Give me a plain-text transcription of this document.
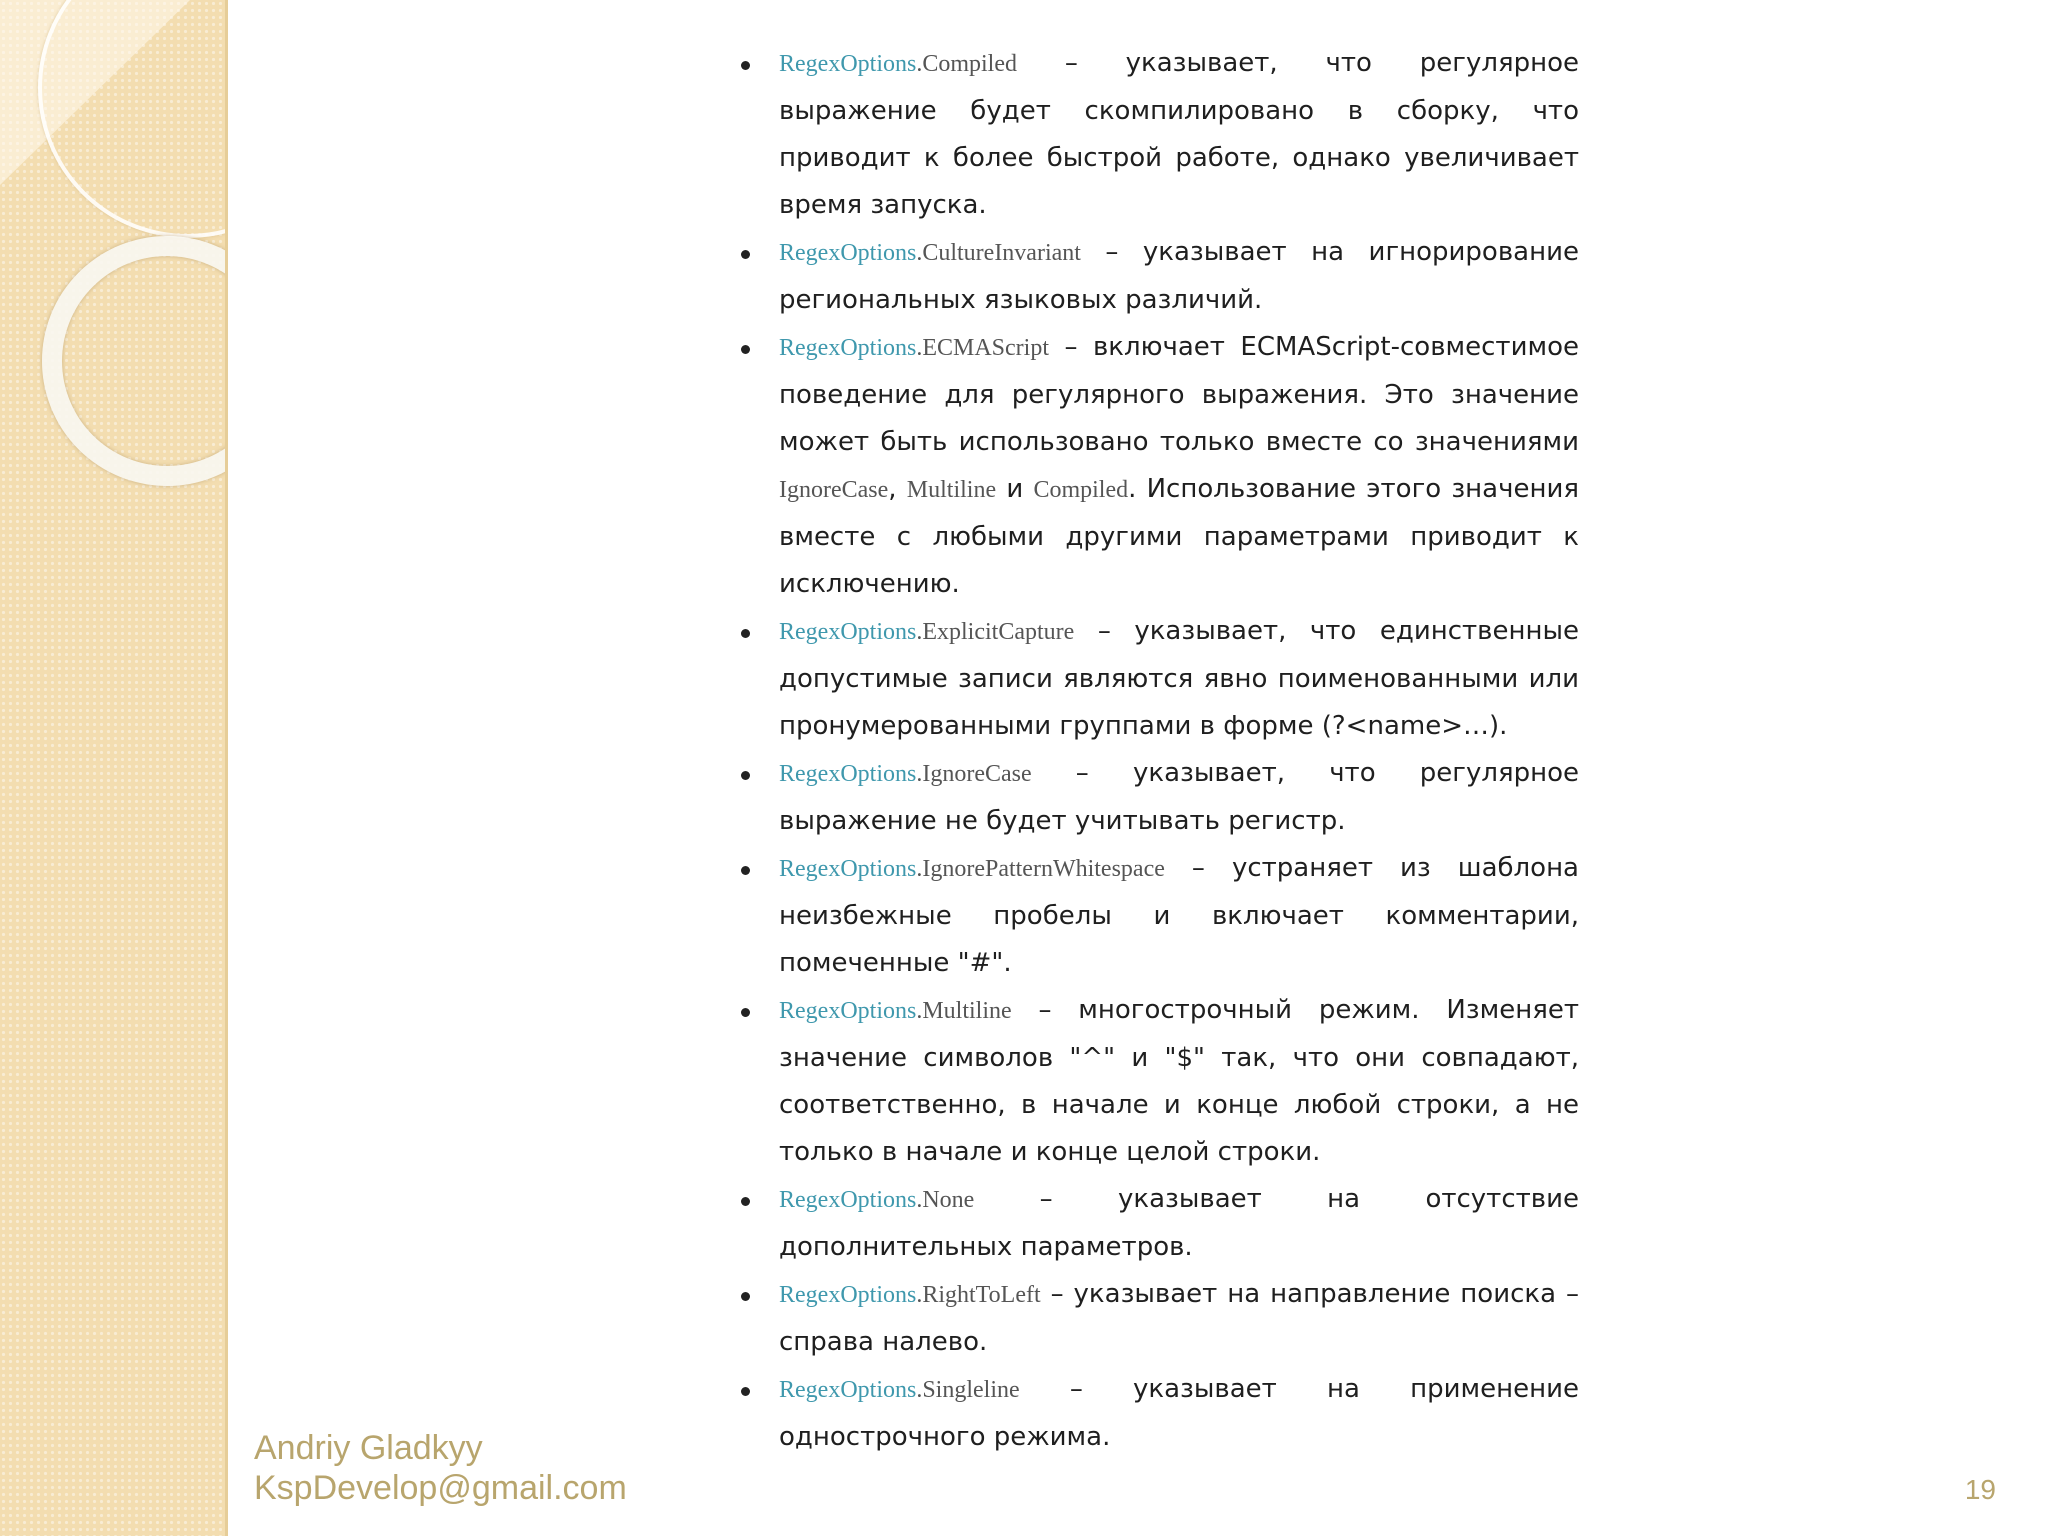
RegexOptions.Compiled – указывает, что регулярное выражение будет скомпилировано в сборку, что приводит к более быстрой работе, однако увеличивает время запуска.
RegexOptions.CultureInvariant – указывает на игнорирование региональных языковых различий.
RegexOptions.ECMAScript – включает ECMAScript-совместимое поведение для регулярного выражения. Это значение может быть использовано только вместе со значениями IgnoreCase, Multiline и Compiled. Использование этого значения вместе с любыми другими параметрами приводит к исключению.
RegexOptions.ExplicitCapture – указывает, что единственные допустимые записи являются явно поименованными или пронумерованными группами в форме (?<name>…).
RegexOptions.IgnoreCase – указывает, что регулярное выражение не будет учитывать регистр.
RegexOptions.IgnorePatternWhitespace – устраняет из шаблона неизбежные пробелы и включает комментарии, помеченные "#".
RegexOptions.Multiline – многострочный режим. Изменяет значение символов "^" и "$" так, что они совпадают, соответственно, в начале и конце любой строки, а не только в начале и конце целой строки.
RegexOptions.None – указывает на отсутствие дополнительных параметров.
RegexOptions.RightToLeft – указывает на направление поиска – справа налево.
RegexOptions.Singleline – указывает на применение однострочного режима.
Andriy Gladkyy
KspDevelop@gmail.com	19
